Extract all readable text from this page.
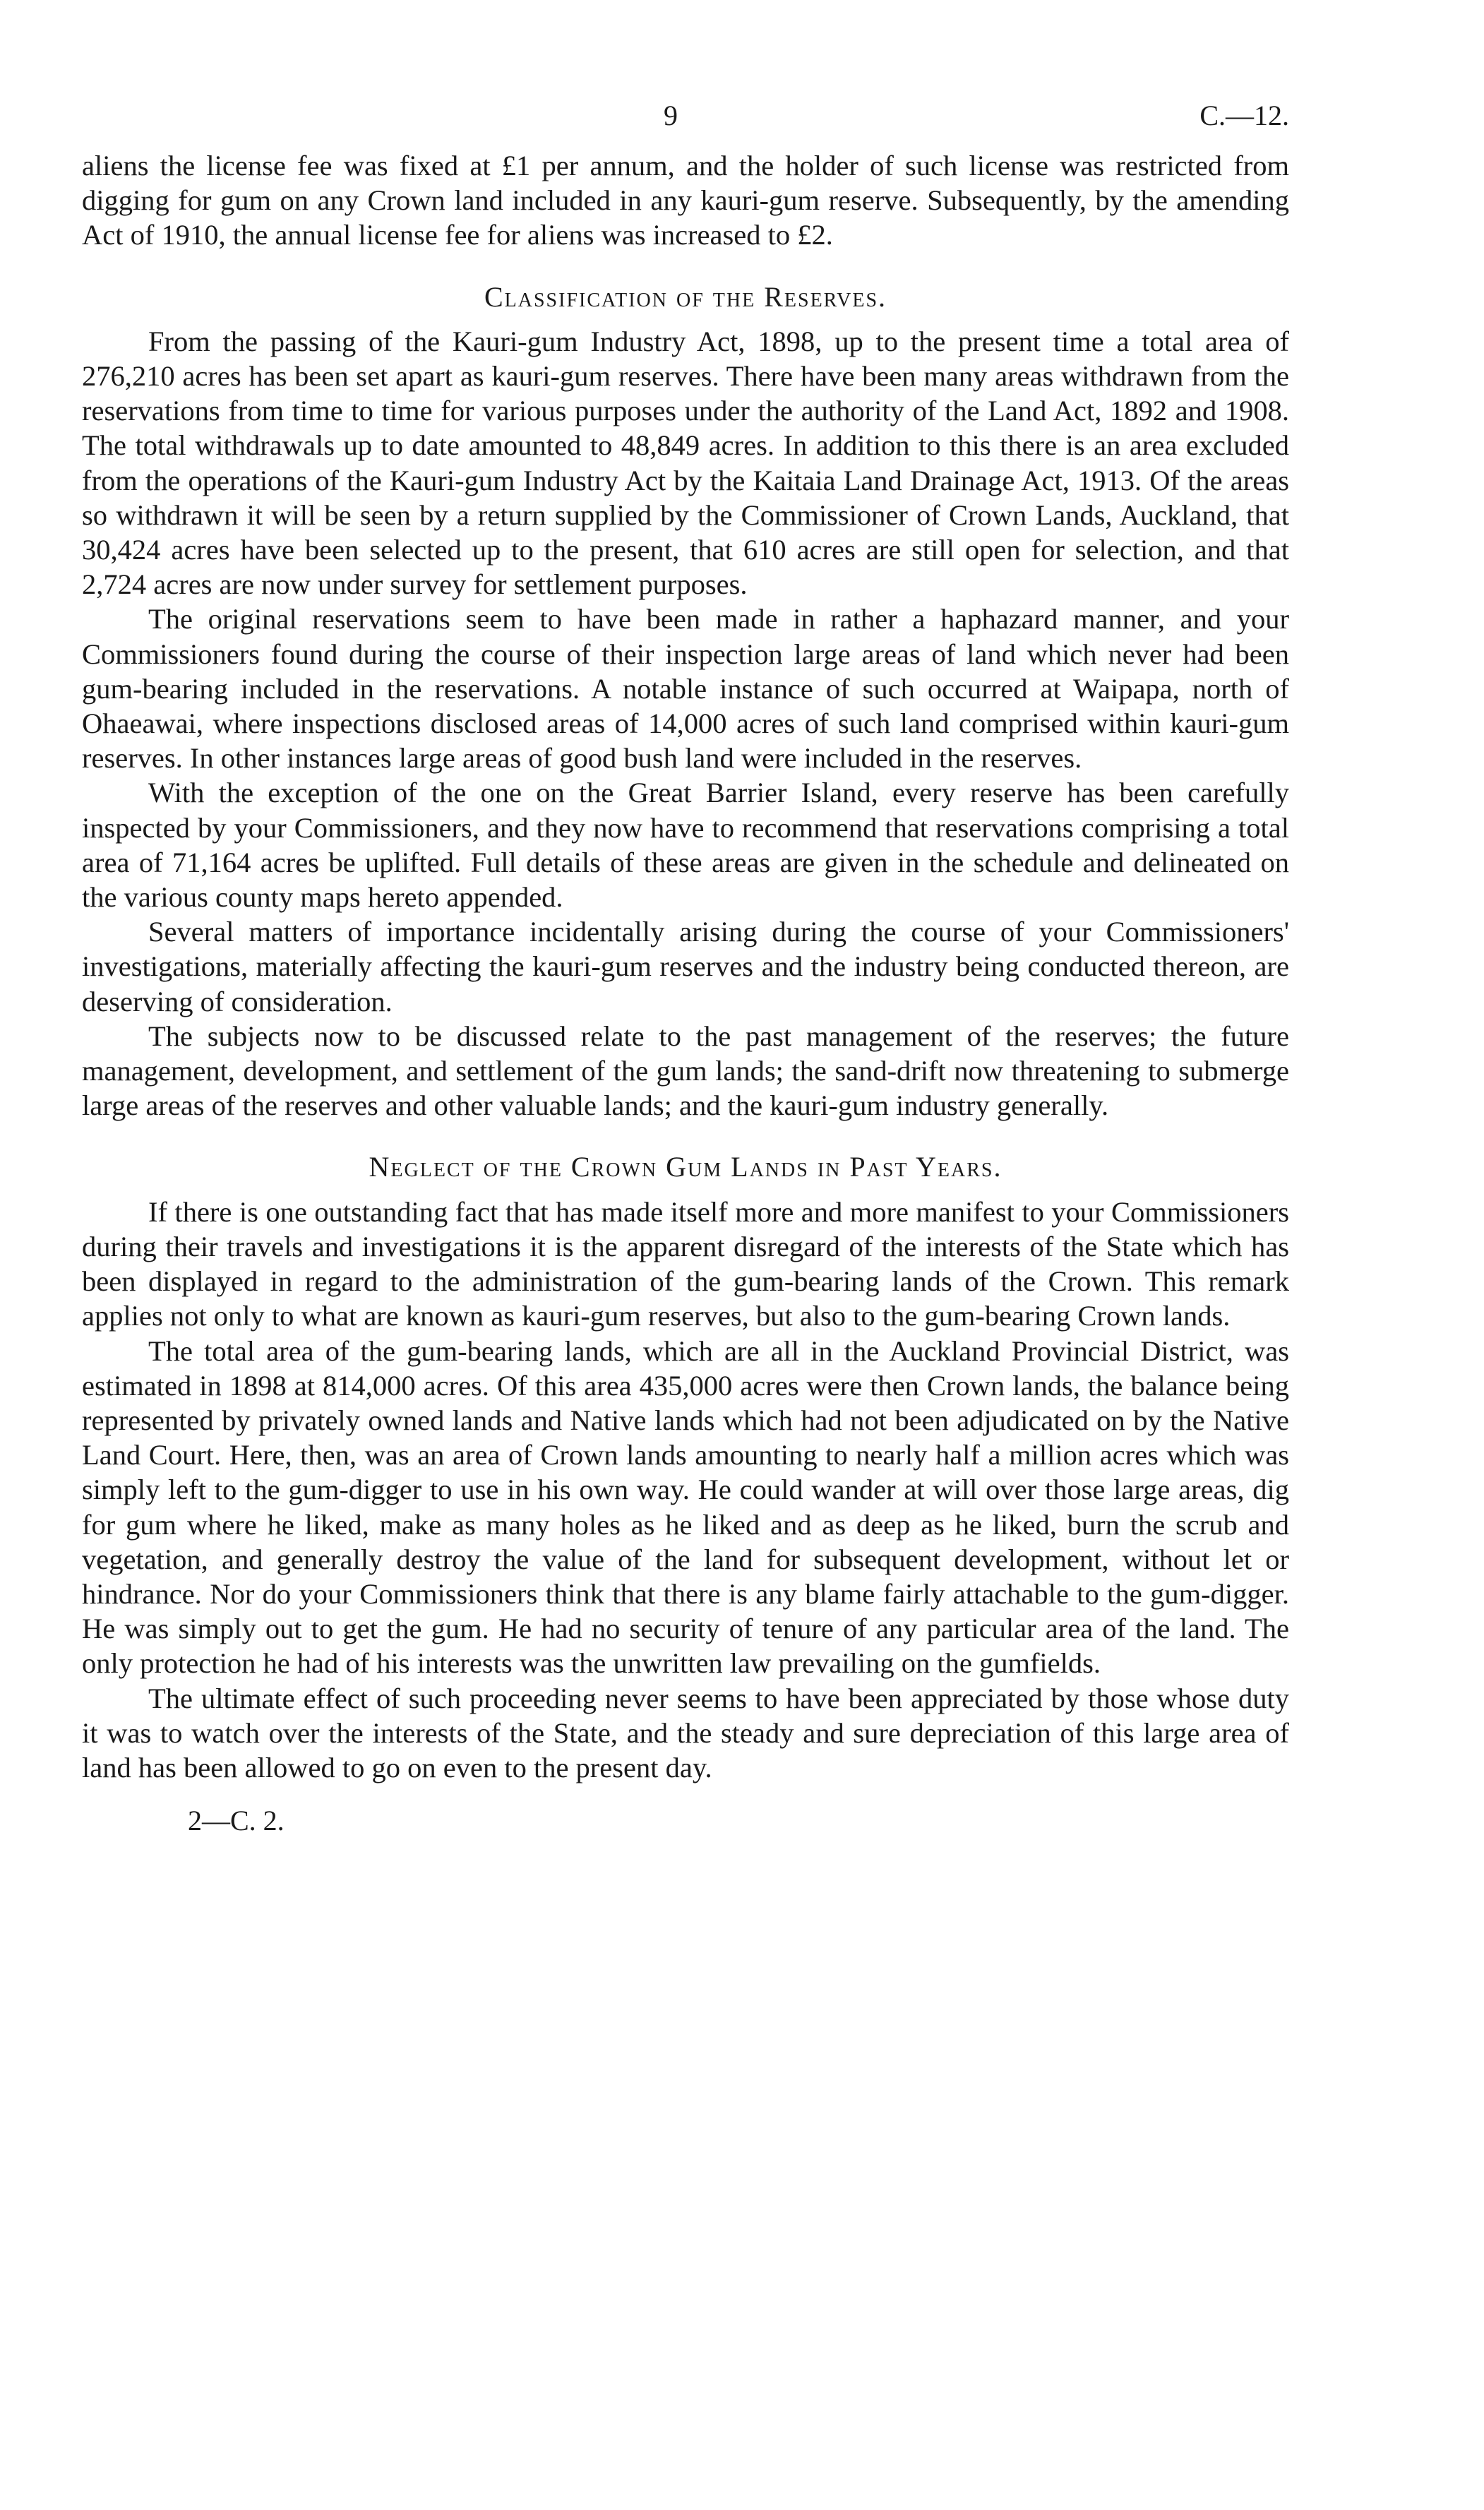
9	C.—12.

aliens the license fee was fixed at £1 per annum, and the holder of such license was restricted from digging for gum on any Crown land included in any kauri-gum reserve. Subsequently, by the amending Act of 1910, the annual license fee for aliens was increased to £2.

Classification of the Reserves.

From the passing of the Kauri-gum Industry Act, 1898, up to the present time a total area of 276,210 acres has been set apart as kauri-gum reserves. There have been many areas withdrawn from the reservations from time to time for various purposes under the authority of the Land Act, 1892 and 1908. The total withdrawals up to date amounted to 48,849 acres. In addition to this there is an area excluded from the operations of the Kauri-gum Industry Act by the Kaitaia Land Drainage Act, 1913. Of the areas so withdrawn it will be seen by a return supplied by the Commissioner of Crown Lands, Auckland, that 30,424 acres have been selected up to the present, that 610 acres are still open for selection, and that 2,724 acres are now under survey for settlement purposes.

The original reservations seem to have been made in rather a haphazard manner, and your Commissioners found during the course of their inspection large areas of land which never had been gum-bearing included in the reservations. A notable instance of such occurred at Waipapa, north of Ohaeawai, where inspections disclosed areas of 14,000 acres of such land comprised within kauri-gum reserves. In other instances large areas of good bush land were included in the reserves.

With the exception of the one on the Great Barrier Island, every reserve has been carefully inspected by your Commissioners, and they now have to recommend that reservations comprising a total area of 71,164 acres be uplifted. Full details of these areas are given in the schedule and delineated on the various county maps hereto appended.

Several matters of importance incidentally arising during the course of your Commissioners' investigations, materially affecting the kauri-gum reserves and the industry being conducted thereon, are deserving of consideration.

The subjects now to be discussed relate to the past management of the reserves; the future management, development, and settlement of the gum lands; the sand-drift now threatening to submerge large areas of the reserves and other valuable lands; and the kauri-gum industry generally.

Neglect of the Crown Gum Lands in Past Years.

If there is one outstanding fact that has made itself more and more manifest to your Commissioners during their travels and investigations it is the apparent disregard of the interests of the State which has been displayed in regard to the administration of the gum-bearing lands of the Crown. This remark applies not only to what are known as kauri-gum reserves, but also to the gum-bearing Crown lands.

The total area of the gum-bearing lands, which are all in the Auckland Provincial District, was estimated in 1898 at 814,000 acres. Of this area 435,000 acres were then Crown lands, the balance being represented by privately owned lands and Native lands which had not been adjudicated on by the Native Land Court. Here, then, was an area of Crown lands amounting to nearly half a million acres which was simply left to the gum-digger to use in his own way. He could wander at will over those large areas, dig for gum where he liked, make as many holes as he liked and as deep as he liked, burn the scrub and vegetation, and generally destroy the value of the land for subsequent development, without let or hindrance. Nor do your Commissioners think that there is any blame fairly attachable to the gum-digger. He was simply out to get the gum. He had no security of tenure of any particular area of the land. The only protection he had of his interests was the unwritten law prevailing on the gumfields.

The ultimate effect of such proceeding never seems to have been appreciated by those whose duty it was to watch over the interests of the State, and the steady and sure depreciation of this large area of land has been allowed to go on even to the present day.

2—C. 2.
